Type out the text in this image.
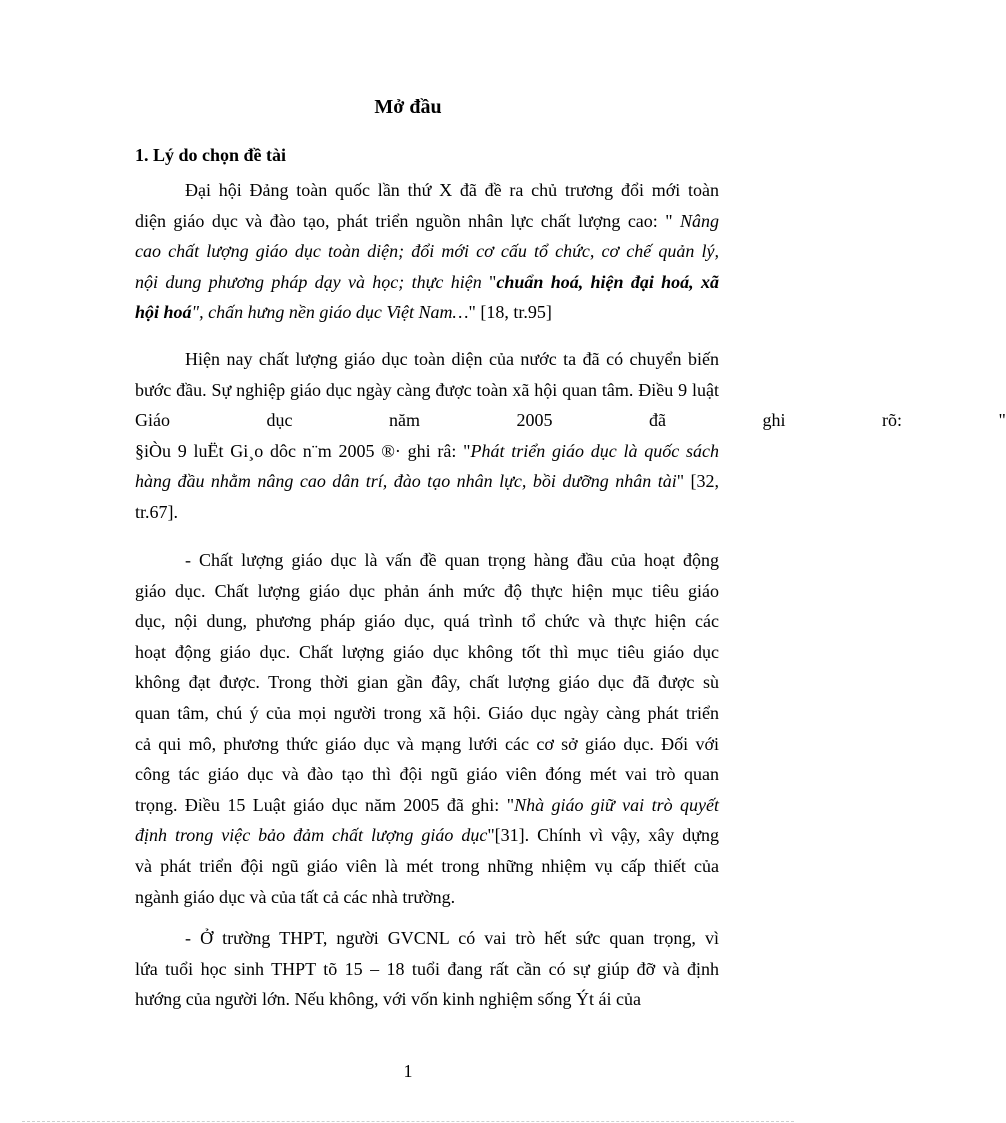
Mở đầu
1. Lý do chọn đề tài
Đại hội Đảng toàn quốc lần thứ X đã đề ra chủ trương đổi mới toàn
diện giáo dục và đào tạo, phát triển nguồn nhân lực chất lượng cao: " Nâng
cao chất lượng giáo dục toàn diện; đổi mới cơ cấu tổ chức, cơ chế quản lý,
nội dung phương pháp dạy và học; thực hiện "chuẩn hoá, hiện đại hoá, xã
hội hoá", chấn hưng nền giáo dục Việt Nam…" [18, tr.95]
Hiện nay chất lượng giáo dục toàn diện của nước ta đã có chuyển biến
bước đầu. Sự nghiệp giáo dục ngày càng được toàn xã hội quan tâm. Điều 9 luật
Giáo dục năm 2005 đã ghi rõ: "
§iÒu 9 luËt Gi¸o dôc n¨m 2005 ®· ghi râ: "Phát triển giáo dục là quốc sách
hàng đầu nhằm nâng cao dân trí, đào tạo nhân lực, bồi dưỡng nhân tài" [32,
tr.67].
- Chất lượng giáo dục là vấn đề quan trọng hàng đầu của hoạt động
giáo dục. Chất lượng giáo dục phản ánh mức độ thực hiện mục tiêu giáo
dục, nội dung, phương pháp giáo dục, quá trình tổ chức và thực hiện các
hoạt động giáo dục. Chất lượng giáo dục không tốt thì mục tiêu giáo dục
không đạt được. Trong thời gian gần đây, chất lượng giáo dục đã được sù
quan tâm, chú ý của mọi người trong xã hội. Giáo dục ngày càng phát triển
cả qui mô, phương thức giáo dục và mạng lưới các cơ sở giáo dục. Đối với
công tác giáo dục và đào tạo thì đội ngũ giáo viên đóng mét vai trò quan
trọng. Điều 15 Luật giáo dục năm 2005 đã ghi: "Nhà giáo giữ vai trò quyết
định trong việc bảo đảm chất lượng giáo dục"[31]. Chính vì vậy, xây dựng
và phát triển đội ngũ giáo viên là mét trong những nhiệm vụ cấp thiết của
ngành giáo dục và của tất cả các nhà trường.
- Ở trường THPT, người GVCNL có vai trò hết sức quan trọng, vì
lứa tuổi học sinh THPT tõ 15 – 18 tuổi đang rất cần có sự giúp đỡ và định
hướng của người lớn. Nếu không, với vốn kinh nghiệm sống Ýt ái của
1
